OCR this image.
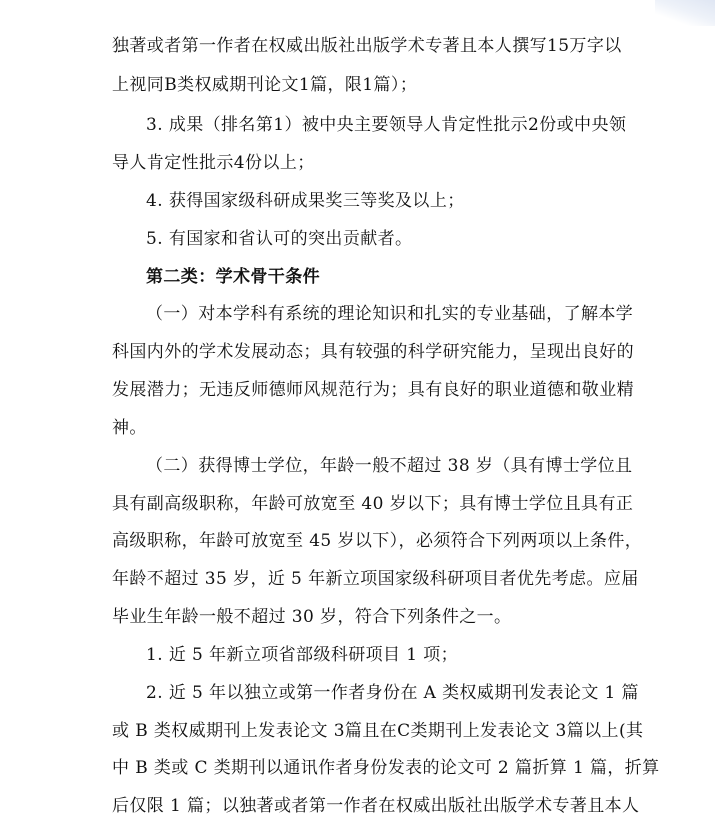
独著或者第一作者在权威出版社出版学术专著且本人撰写15万字以
上视同B类权威期刊论文1篇，限1篇）；
3. 成果（排名第1）被中央主要领导人肯定性批示2份或中央领
导人肯定性批示4份以上；
4. 获得国家级科研成果奖三等奖及以上；
5. 有国家和省认可的突出贡献者。
第二类：学术骨干条件
（一）对本学科有系统的理论知识和扎实的专业基础，了解本学
科国内外的学术发展动态；具有较强的科学研究能力，呈现出良好的
发展潜力；无违反师德师风规范行为；具有良好的职业道德和敬业精
神。
（二）获得博士学位，年龄一般不超过 38 岁（具有博士学位且
具有副高级职称，年龄可放宽至 40 岁以下；具有博士学位且具有正
高级职称，年龄可放宽至 45 岁以下），必须符合下列两项以上条件，
年龄不超过 35 岁，近 5 年新立项国家级科研项目者优先考虑。应届
毕业生年龄一般不超过 30 岁，符合下列条件之一。
1. 近 5 年新立项省部级科研项目 1 项；
2. 近 5 年以独立或第一作者身份在 A 类权威期刊发表论文 1 篇
或 B 类权威期刊上发表论文 3篇且在C类期刊上发表论文 3篇以上(其
中 B 类或 C 类期刊以通讯作者身份发表的论文可 2 篇折算 1 篇，折算
后仅限 1 篇；以独著或者第一作者在权威出版社出版学术专著且本人
